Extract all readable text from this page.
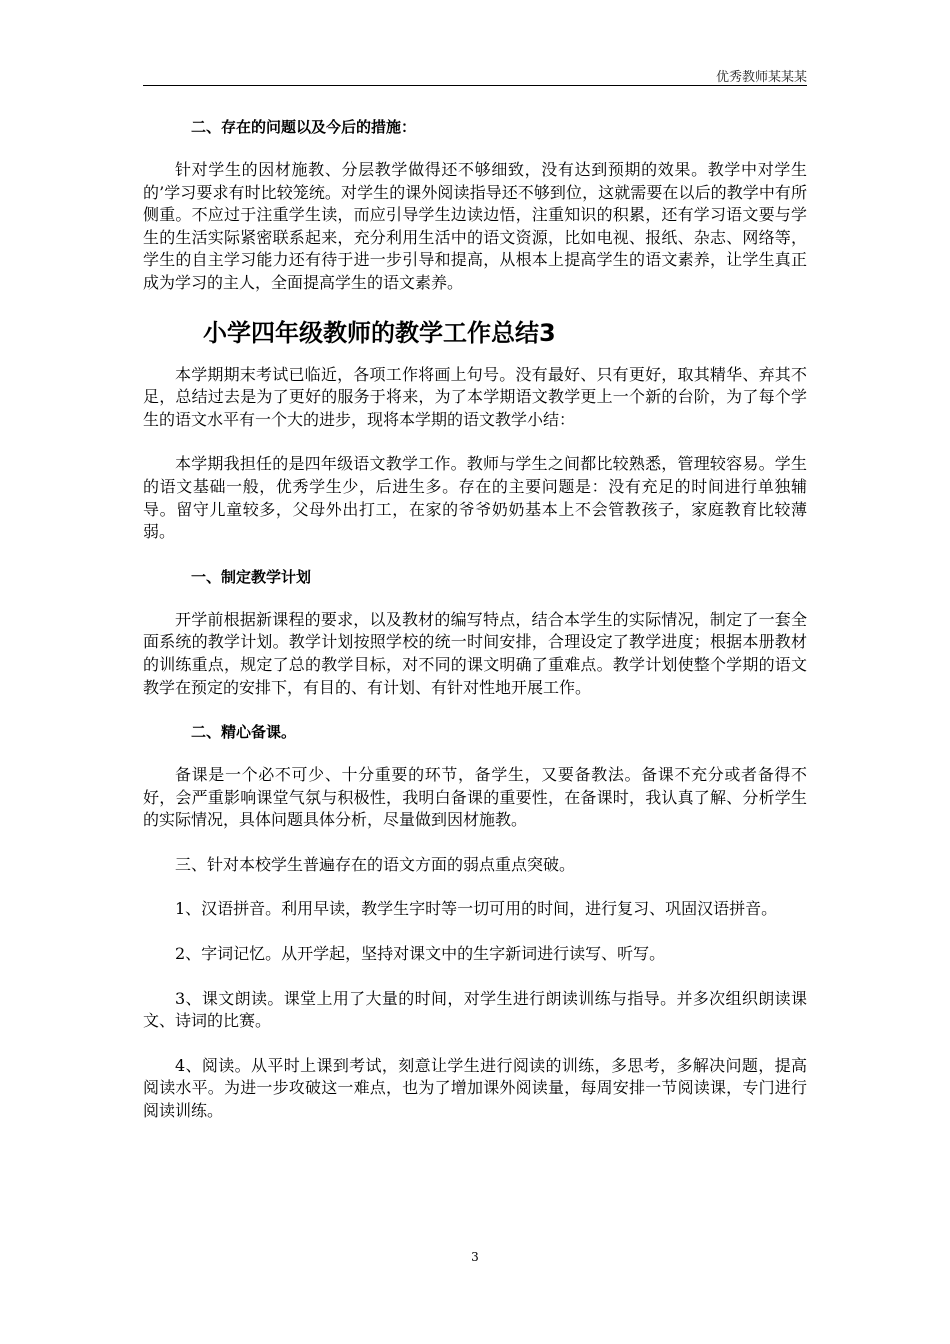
优秀教师某某某
二、存在的问题以及今后的措施：

针对学生的因材施教、分层教学做得还不够细致，没有达到预期的效果。教学中对学生的’学习要求有时比较笼统。对学生的课外阅读指导还不够到位，这就需要在以后的教学中有所侧重。不应过于注重学生读，而应引导学生边读边悟，注重知识的积累，还有学习语文要与学生的生活实际紧密联系起来，充分利用生活中的语文资源，比如电视、报纸、杂志、网络等，学生的自主学习能力还有待于进一步引导和提高，从根本上提高学生的语文素养，让学生真正成为学习的主人，全面提高学生的语文素养。

小学四年级教师的教学工作总结3

本学期期末考试已临近，各项工作将画上句号。没有最好、只有更好，取其精华、弃其不足，总结过去是为了更好的服务于将来，为了本学期语文教学更上一个新的台阶，为了每个学生的语文水平有一个大的进步，现将本学期的语文教学小结：

本学期我担任的是四年级语文教学工作。教师与学生之间都比较熟悉，管理较容易。学生的语文基础一般，优秀学生少，后进生多。存在的主要问题是：没有充足的时间进行单独辅导。留守儿童较多，父母外出打工，在家的爷爷奶奶基本上不会管教孩子，家庭教育比较薄弱。

一、制定教学计划

开学前根据新课程的要求，以及教材的编写特点，结合本学生的实际情况，制定了一套全面系统的教学计划。教学计划按照学校的统一时间安排，合理设定了教学进度；根据本册教材的训练重点，规定了总的教学目标，对不同的课文明确了重难点。教学计划使整个学期的语文教学在预定的安排下，有目的、有计划、有针对性地开展工作。

二、精心备课。

备课是一个必不可少、十分重要的环节，备学生，又要备教法。备课不充分或者备得不好，会严重影响课堂气氛与积极性，我明白备课的重要性，在备课时，我认真了解、分析学生的实际情况，具体问题具体分析，尽量做到因材施教。

三、针对本校学生普遍存在的语文方面的弱点重点突破。

1、汉语拼音。利用早读，教学生字时等一切可用的时间，进行复习、巩固汉语拼音。

2、字词记忆。从开学起，坚持对课文中的生字新词进行读写、听写。

3、课文朗读。课堂上用了大量的时间，对学生进行朗读训练与指导。并多次组织朗读课文、诗词的比赛。

4、阅读。从平时上课到考试，刻意让学生进行阅读的训练，多思考，多解决问题，提高阅读水平。为进一步攻破这一难点，也为了增加课外阅读量，每周安排一节阅读课，专门进行阅读训练。

3
